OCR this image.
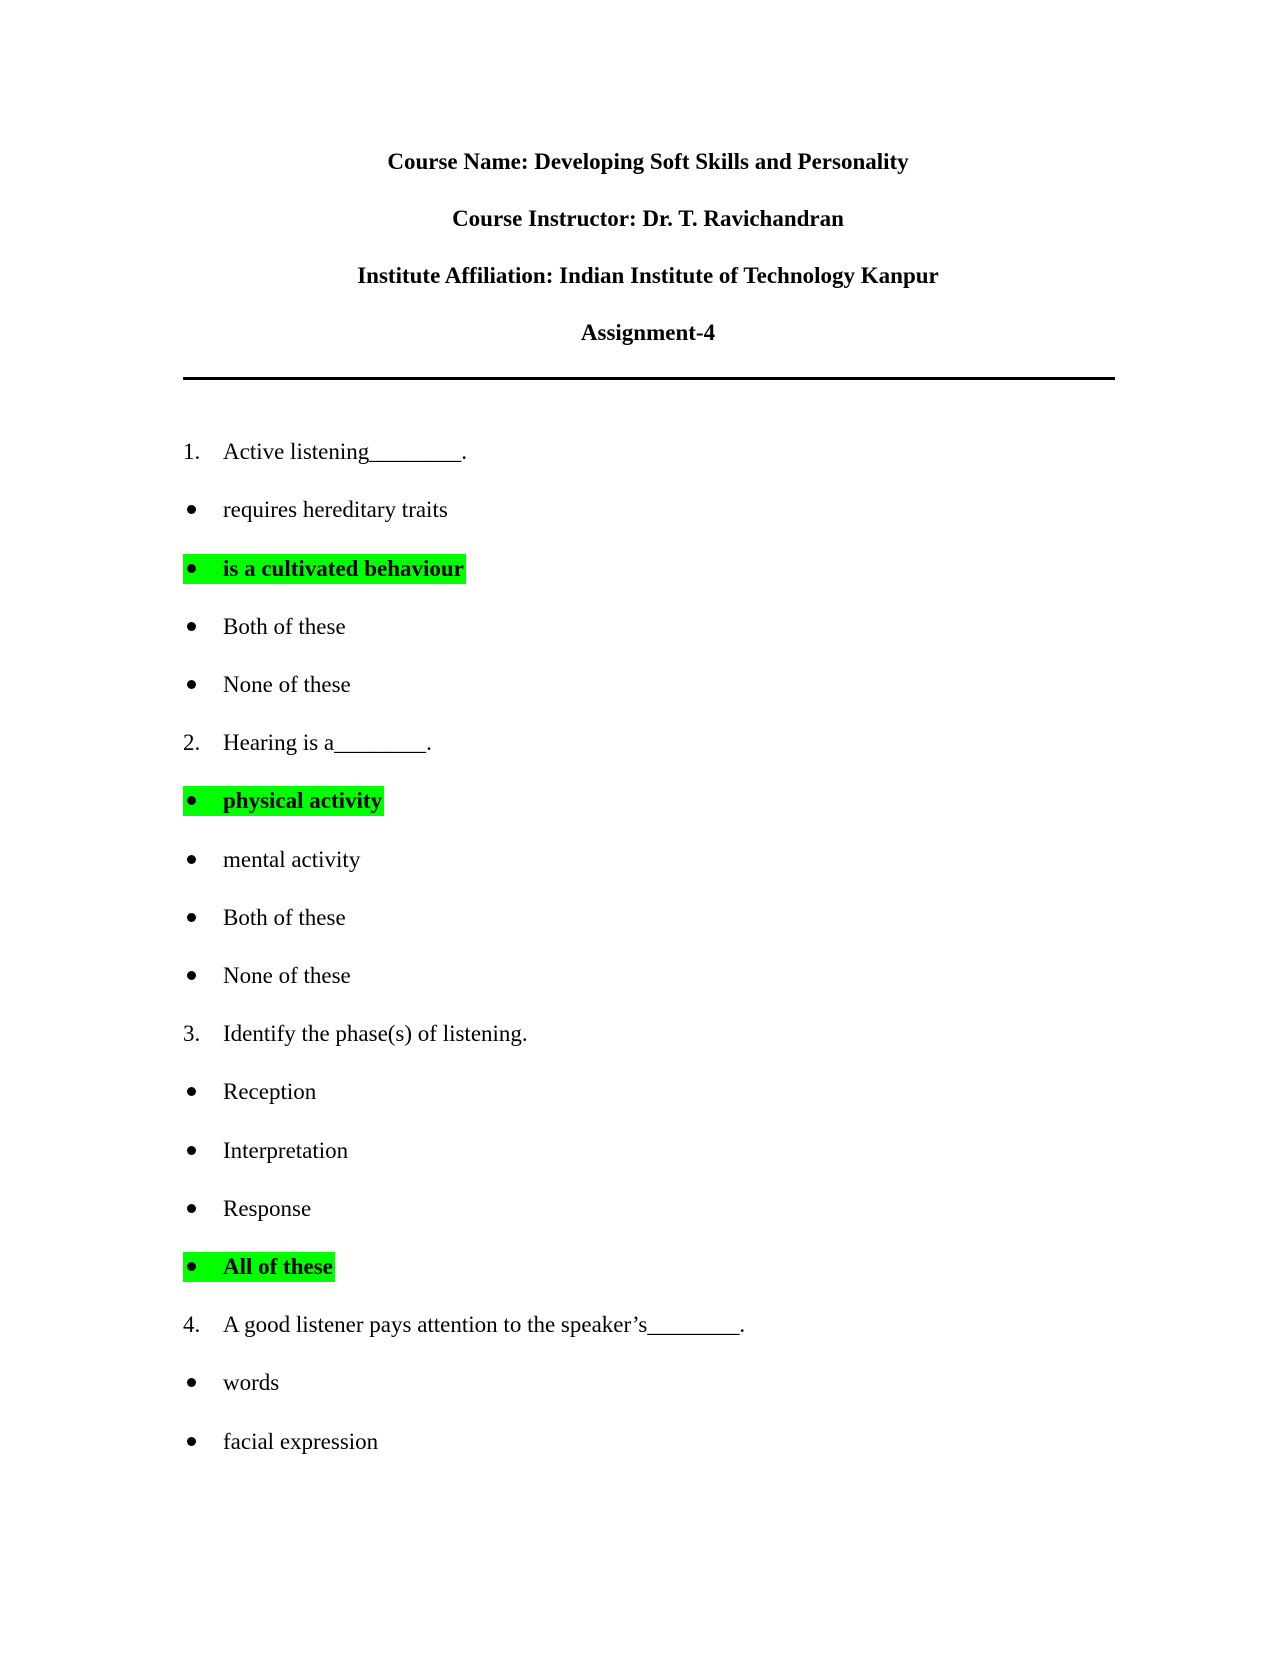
Course Name: Developing Soft Skills and Personality
Course Instructor: Dr. T. Ravichandran
Institute Affiliation: Indian Institute of Technology Kanpur
Assignment-4
1. Active listening________.
requires hereditary traits
is a cultivated behaviour
Both of these
None of these
2. Hearing is a________.
physical activity
mental activity
Both of these
None of these
3. Identify the phase(s) of listening.
Reception
Interpretation
Response
All of these
4. A good listener pays attention to the speaker’s________.
words
facial expression
